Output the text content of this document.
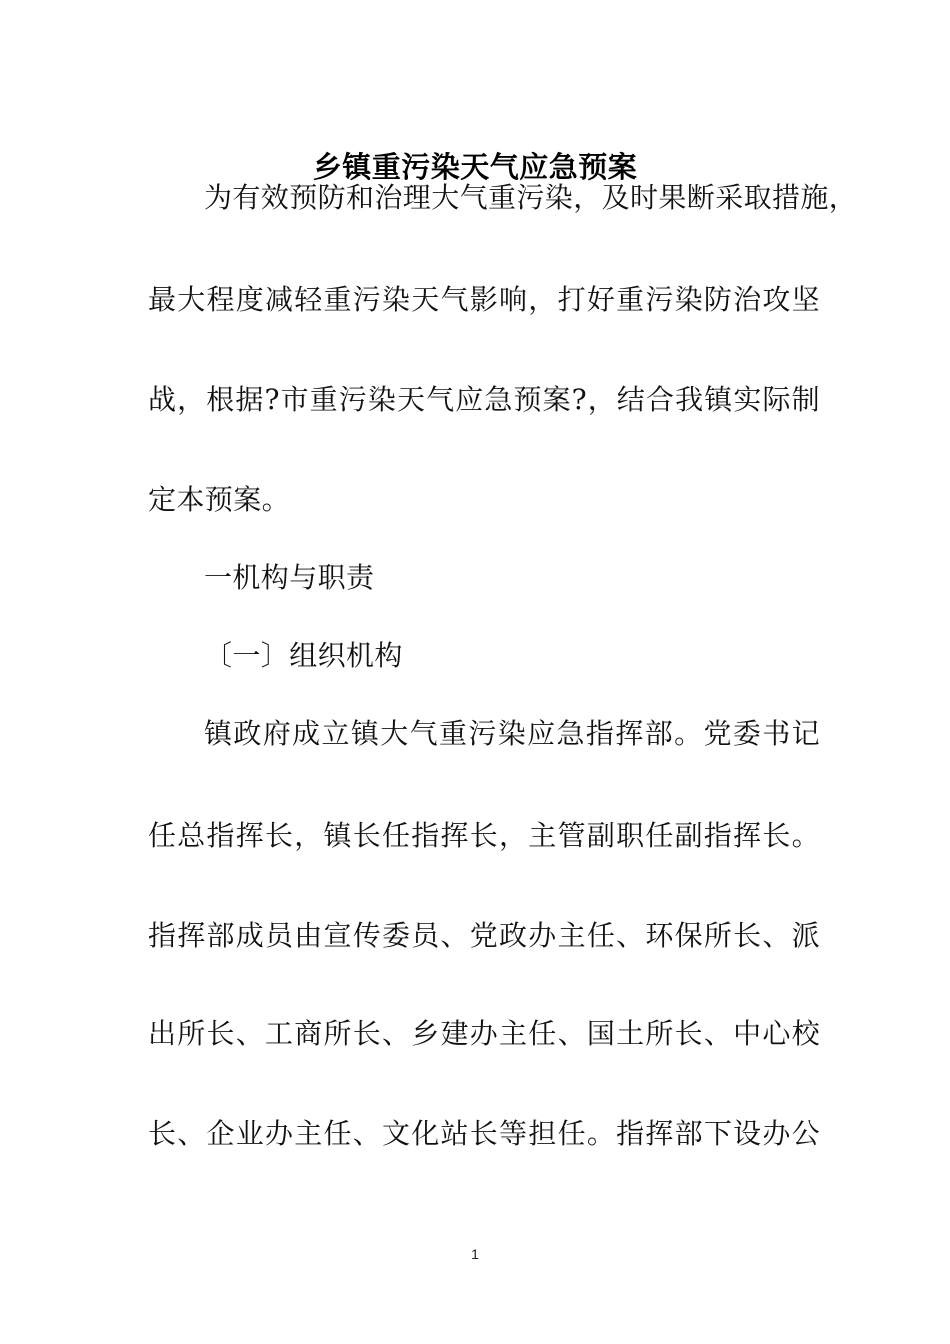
乡镇重污染天气应急预案

为有效预防和治理大气重污染，及时果断采取措施，

最大程度减轻重污染天气影响，打好重污染防治攻坚

战，根据?市重污染天气应急预案?，结合我镇实际制

定本预案。

一机构与职责

〔一〕组织机构

镇政府成立镇大气重污染应急指挥部。党委书记

任总指挥长，镇长任指挥长，主管副职任副指挥长。

指挥部成员由宣传委员、党政办主任、环保所长、派

出所长、工商所长、乡建办主任、国土所长、中心校

长、企业办主任、文化站长等担任。指挥部下设办公

1
